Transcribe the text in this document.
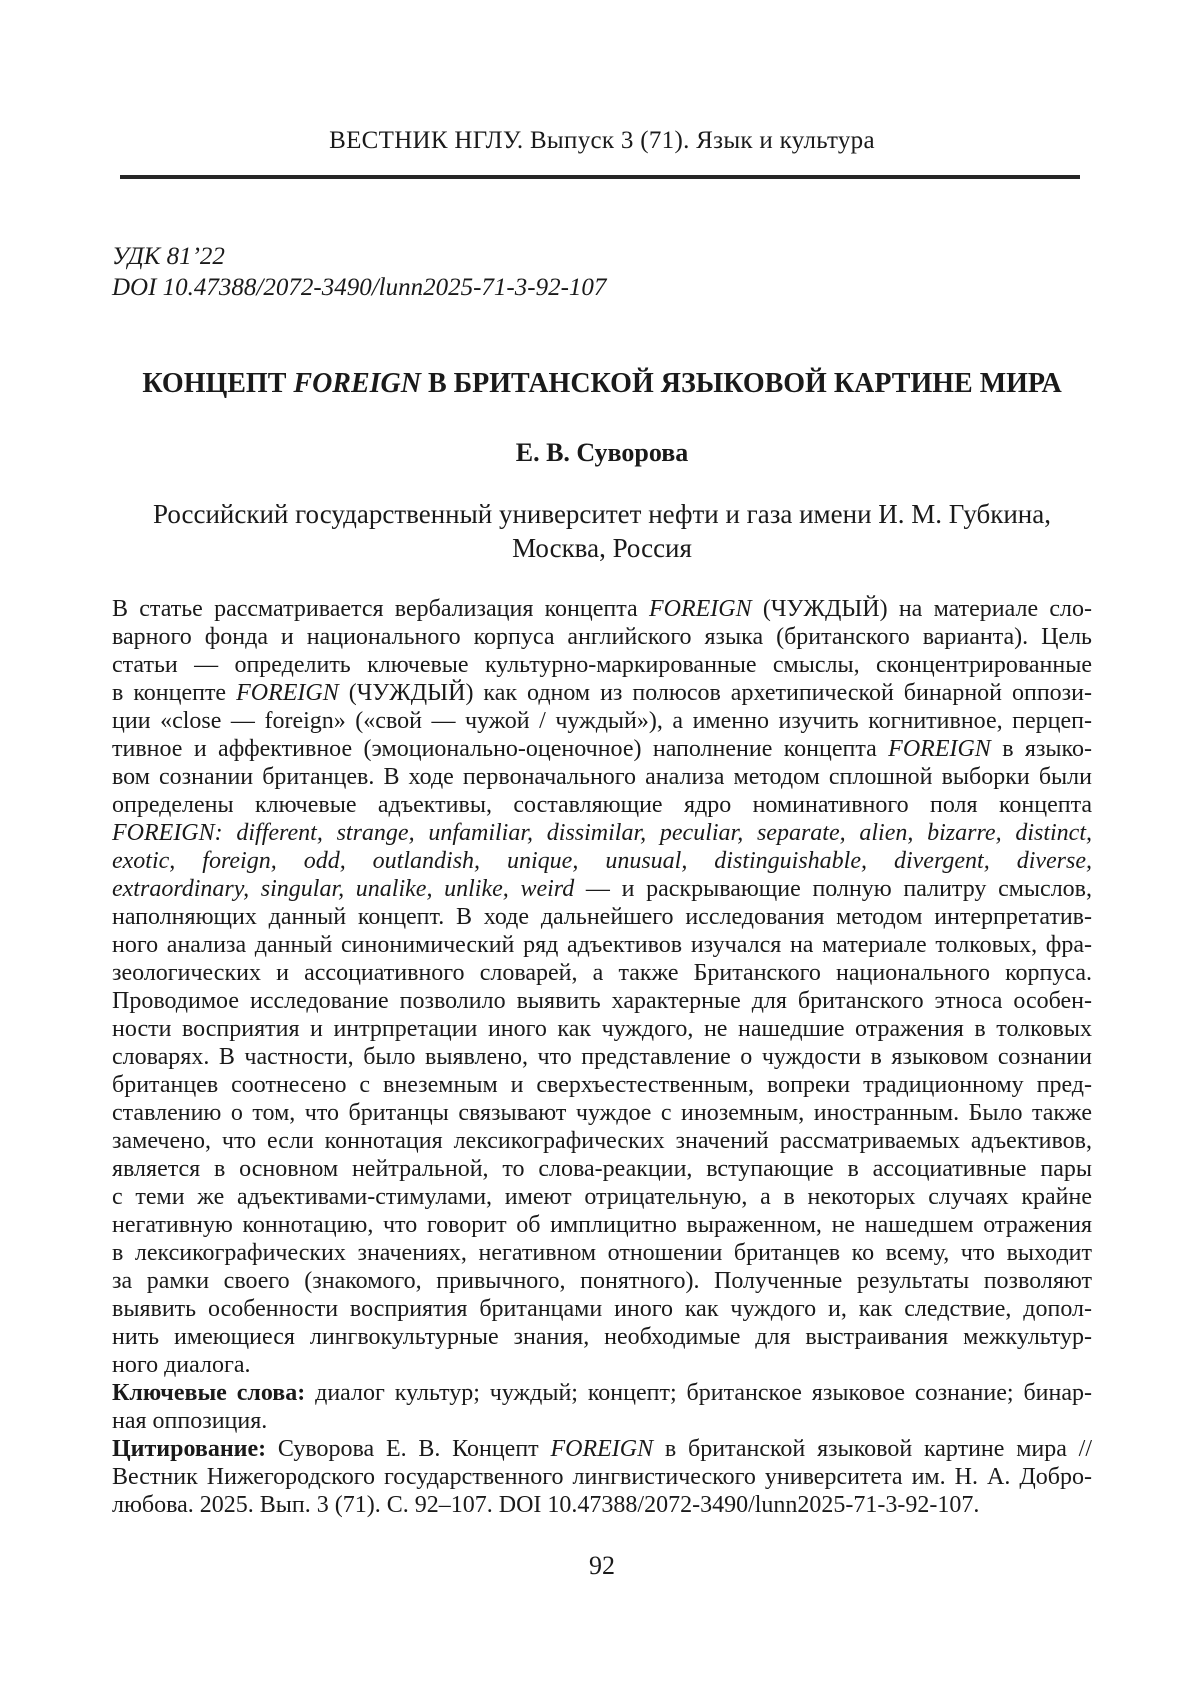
ВЕСТНИК НГЛУ. Выпуск 3 (71). Язык и культура
УДК 81’22
DOI 10.47388/2072-3490/lunn2025-71-3-92-107
КОНЦЕПТ FOREIGN В БРИТАНСКОЙ ЯЗЫКОВОЙ КАРТИНЕ МИРА
Е. В. Суворова
Российский государственный университет нефти и газа имени И. М. Губкина,
Москва, Россия
В статье рассматривается вербализация концепта FOREIGN (ЧУЖДЫЙ) на материале сло-
варного фонда и национального корпуса английского языка (британского варианта). Цель
статьи — определить ключевые культурно-маркированные смыслы, сконцентрированные
в концепте FOREIGN (ЧУЖДЫЙ) как одном из полюсов архетипической бинарной оппози-
ции «close — foreign» («свой — чужой / чуждый»), а именно изучить когнитивное, перцеп-
тивное и аффективное (эмоционально-оценочное) наполнение концепта FOREIGN в языко-
вом сознании британцев. В ходе первоначального анализа методом сплошной выборки были
определены ключевые адъективы, составляющие ядро номинативного поля концепта
FOREIGN: different, strange, unfamiliar, dissimilar, peculiar, separate, alien, bizarre, distinct,
exotic, foreign, odd, outlandish, unique, unusual, distinguishable, divergent, diverse,
extraordinary, singular, unalike, unlike, weird — и раскрывающие полную палитру смыслов,
наполняющих данный концепт. В ходе дальнейшего исследования методом интерпретатив-
ного анализа данный синонимический ряд адъективов изучался на материале толковых, фра-
зеологических и ассоциативного словарей, а также Британского национального корпуса.
Проводимое исследование позволило выявить характерные для британского этноса особен-
ности восприятия и интрпретации иного как чуждого, не нашедшие отражения в толковых
словарях. В частности, было выявлено, что представление о чуждости в языковом сознании
британцев соотнесено с внеземным и сверхъестественным, вопреки традиционному пред-
ставлению о том, что британцы связывают чуждое с иноземным, иностранным. Было также
замечено, что если коннотация лексикографических значений рассматриваемых адъективов,
является в основном нейтральной, то слова-реакции, вступающие в ассоциативные пары
с теми же адъективами-стимулами, имеют отрицательную, а в некоторых случаях крайне
негативную коннотацию, что говорит об имплицитно выраженном, не нашедшем отражения
в лексикографических значениях, негативном отношении британцев ко всему, что выходит
за рамки своего (знакомого, привычного, понятного). Полученные результаты позволяют
выявить особенности восприятия британцами иного как чуждого и, как следствие, допол-
нить имеющиеся лингвокультурные знания, необходимые для выстраивания межкультур-
ного диалога.
Ключевые слова: диалог культур; чуждый; концепт; британское языковое сознание; бинар-
ная оппозиция.
Цитирование: Суворова Е. В. Концепт FOREIGN в британской языковой картине мира //
Вестник Нижегородского государственного лингвистического университета им. Н. А. Добро-
любова. 2025. Вып. 3 (71). С. 92–107. DOI 10.47388/2072-3490/lunn2025-71-3-92-107.
92
